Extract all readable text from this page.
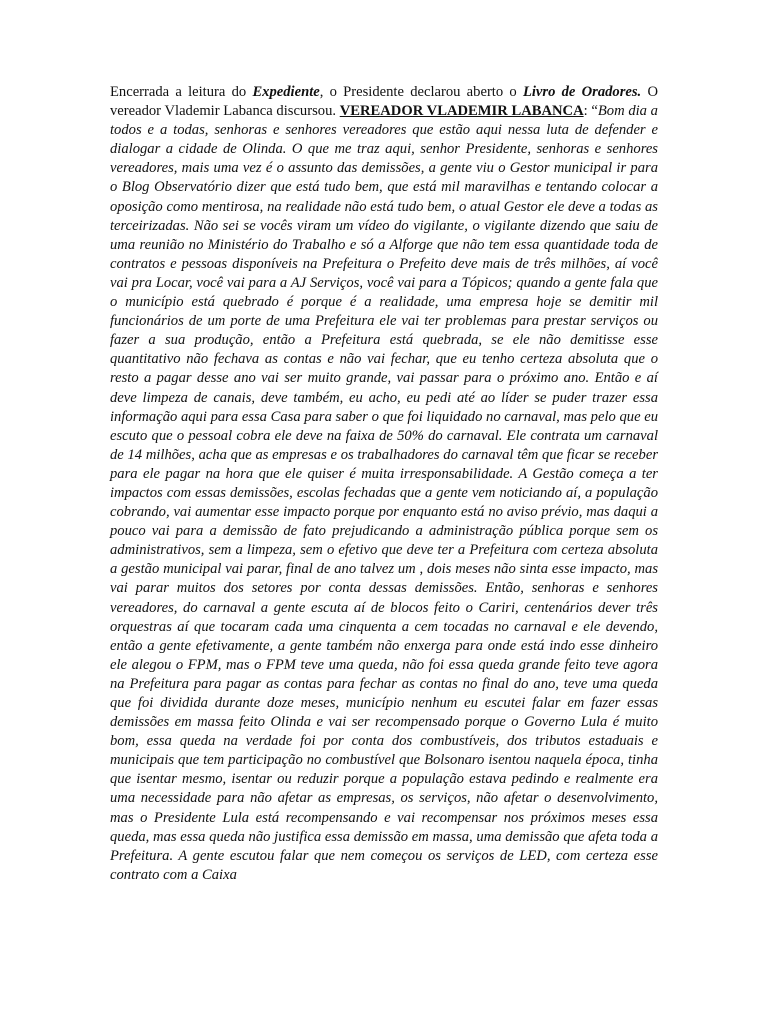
Encerrada a leitura do Expediente, o Presidente declarou aberto o Livro de Oradores. O vereador Vlademir Labanca discursou. VEREADOR VLADEMIR LABANCA: “Bom dia a todos e a todas, senhoras e senhores vereadores que estão aqui nessa luta de defender e dialogar a cidade de Olinda. O que me traz aqui, senhor Presidente, senhoras e senhores vereadores, mais uma vez é o assunto das demissões, a gente viu o Gestor municipal ir para o Blog Observatório dizer que está tudo bem, que está mil maravilhas e tentando colocar a oposição como mentirosa, na realidade não está tudo bem, o atual Gestor ele deve a todas as terceirizadas. Não sei se vocês viram um vídeo do vigilante, o vigilante dizendo que saiu de uma reunião no Ministério do Trabalho e só a Alforge que não tem essa quantidade toda de contratos e pessoas disponíveis na Prefeitura o Prefeito deve mais de três milhões, aí você vai pra Locar, você vai para a AJ Serviços, você vai para a Tópicos; quando a gente fala que o município está quebrado é porque é a realidade, uma empresa hoje se demitir mil funcionários de um porte de uma Prefeitura ele vai ter problemas para prestar serviços ou fazer a sua produção, então a Prefeitura está quebrada, se ele não demitisse esse quantitativo não fechava as contas e não vai fechar, que eu tenho certeza absoluta que o resto a pagar desse ano vai ser muito grande, vai passar para o próximo ano. Então e aí deve limpeza de canais, deve também, eu acho, eu pedi até ao líder se puder trazer essa informação aqui para essa Casa para saber o que foi liquidado no carnaval, mas pelo que eu escuto que o pessoal cobra ele deve na faixa de 50% do carnaval. Ele contrata um carnaval de 14 milhões, acha que as empresas e os trabalhadores do carnaval têm que ficar se receber para ele pagar na hora que ele quiser é muita irresponsabilidade. A Gestão começa a ter impactos com essas demissões, escolas fechadas que a gente vem noticiando aí, a população cobrando, vai aumentar esse impacto porque por enquanto está no aviso prévio, mas daqui a pouco vai para a demissão de fato prejudicando a administração pública porque sem os administrativos, sem a limpeza, sem o efetivo que deve ter a Prefeitura com certeza absoluta a gestão municipal vai parar, final de ano talvez um , dois meses não sinta esse impacto, mas vai parar muitos dos setores por conta dessas demissões. Então, senhoras e senhores vereadores, do carnaval a gente escuta aí de blocos feito o Cariri, centenários dever três orquestras aí que tocaram cada uma cinquenta a cem tocadas no carnaval e ele devendo, então a gente efetivamente, a gente também não enxerga para onde está indo esse dinheiro ele alegou o FPM, mas o FPM teve uma queda, não foi essa queda grande feito teve agora na Prefeitura para pagar as contas para fechar as contas no final do ano, teve uma queda que foi dividida durante doze meses, município nenhum eu escutei falar em fazer essas demissões em massa feito Olinda e vai ser recompensado porque o Governo Lula é muito bom, essa queda na verdade foi por conta dos combustíveis, dos tributos estaduais e municipais que tem participação no combustível que Bolsonaro isentou naquela época, tinha que isentar mesmo, isentar ou reduzir porque a população estava pedindo e realmente era uma necessidade para não afetar as empresas, os serviços, não afetar o desenvolvimento, mas o Presidente Lula está recompensando e vai recompensar nos próximos meses essa queda, mas essa queda não justifica essa demissão em massa, uma demissão que afeta toda a Prefeitura. A gente escutou falar que nem começou os serviços de LED, com certeza esse contrato com a Caixa
